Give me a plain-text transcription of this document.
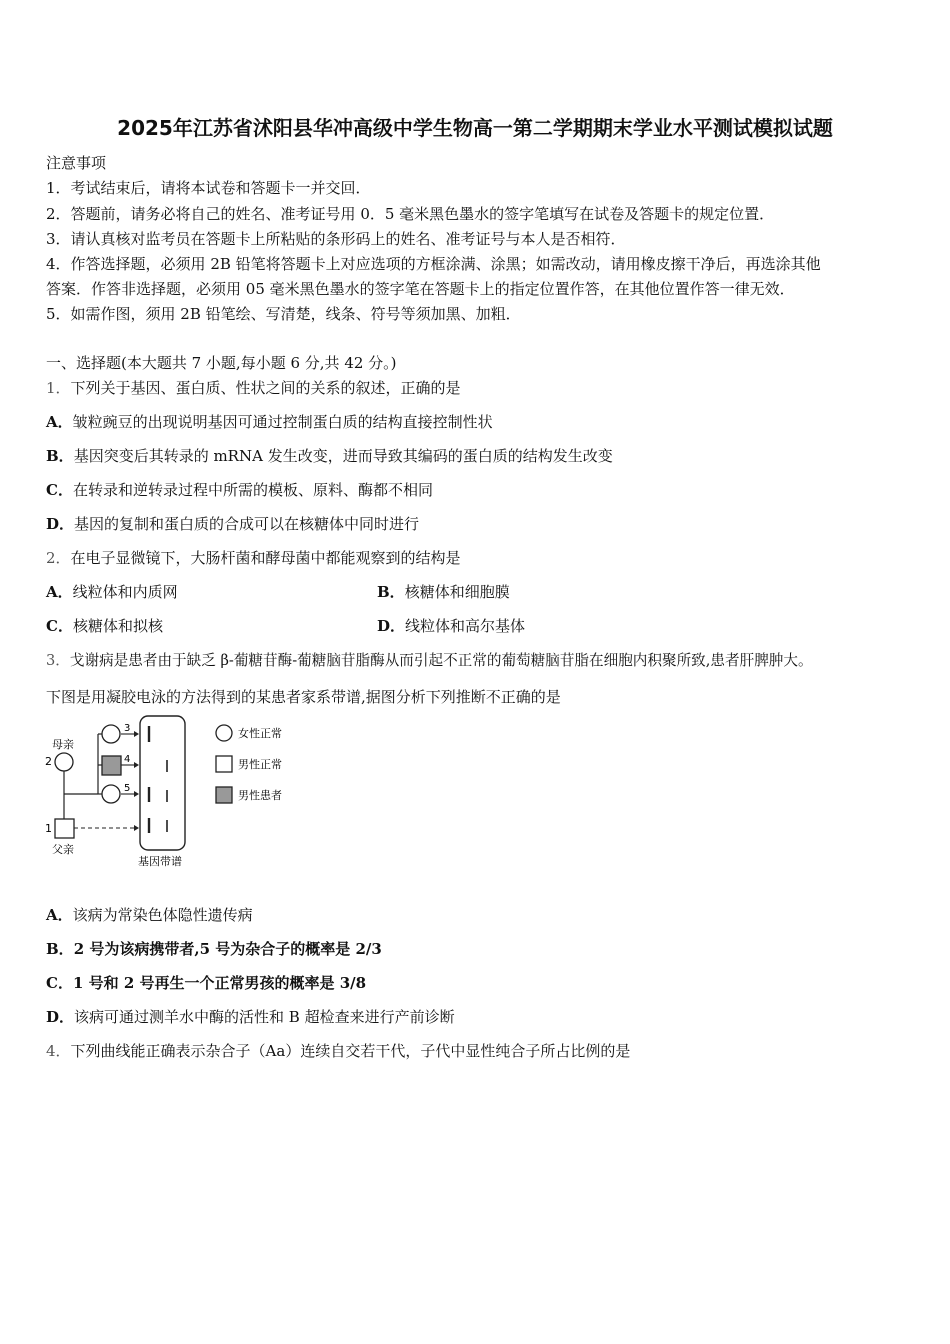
2025年江苏省沭阳县华冲高级中学生物高一第二学期期末学业水平测试模拟试题
注意事项
1．考试结束后，请将本试卷和答题卡一并交回．
2．答题前，请务必将自己的姓名、准考证号用 0．5 毫米黑色墨水的签字笔填写在试卷及答题卡的规定位置．
3．请认真核对监考员在答题卡上所粘贴的条形码上的姓名、准考证号与本人是否相符．
4．作答选择题，必须用 2B 铅笔将答题卡上对应选项的方框涂满、涂黑；如需改动，请用橡皮擦干净后，再选涂其他
答案．作答非选择题，必须用 05 毫米黑色墨水的签字笔在答题卡上的指定位置作答，在其他位置作答一律无效．
5．如需作图，须用 2B 铅笔绘、写清楚，线条、符号等须加黑、加粗．
一、选择题(本大题共 7 小题,每小题 6 分,共 42 分。)
1．下列关于基因、蛋白质、性状之间的关系的叙述，正确的是
A．皱粒豌豆的出现说明基因可通过控制蛋白质的结构直接控制性状
B．基因突变后其转录的 mRNA 发生改变，进而导致其编码的蛋白质的结构发生改变
C．在转录和逆转录过程中所需的模板、原料、酶都不相同
D．基因的复制和蛋白质的合成可以在核糖体中同时进行
2．在电子显微镜下，大肠杆菌和酵母菌中都能观察到的结构是
A．线粒体和内质网	B．核糖体和细胞膜
C．核糖体和拟核	D．线粒体和高尔基体
3．戈谢病是患者由于缺乏 β-葡糖苷酶-葡糖脑苷脂酶从而引起不正常的葡萄糖脑苷脂在细胞内积聚所致,患者肝脾肿大。
下图是用凝胶电泳的方法得到的某患者家系带谱,据图分析下列推断不正确的是
母亲
2
1
父亲
3
4
5
基因带谱
女性正常
男性正常
男性患者
A．该病为常染色体隐性遗传病
B．2 号为该病携带者,5 号为杂合子的概率是 2/3
C．1 号和 2 号再生一个正常男孩的概率是 3/8
D．该病可通过测羊水中酶的活性和 B 超检查来进行产前诊断
4．下列曲线能正确表示杂合子（Aa）连续自交若干代，子代中显性纯合子所占比例的是
